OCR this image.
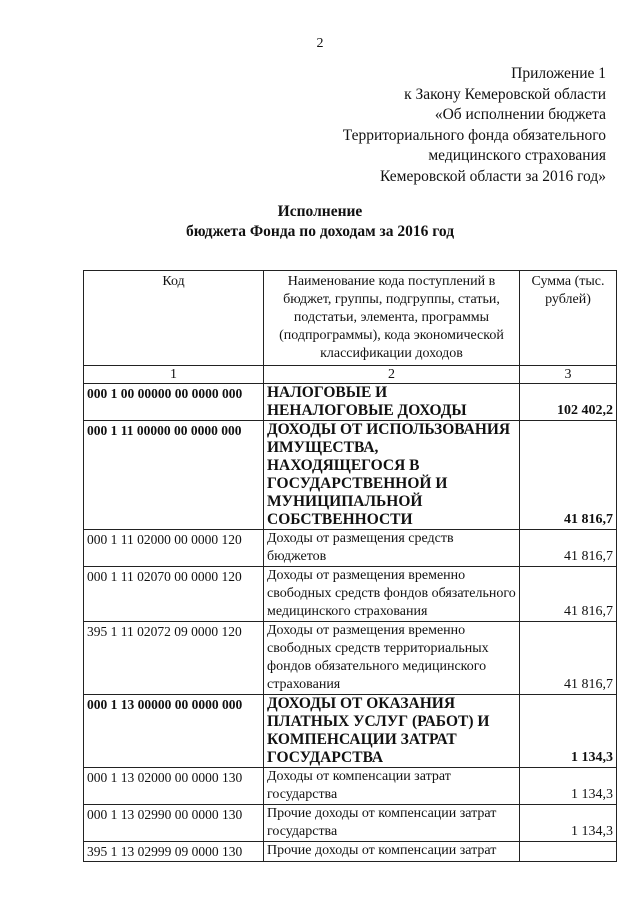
2
Приложение 1
к Закону Кемеровской области
«Об исполнении бюджета
Территориального фонда обязательного
медицинского страхования
Кемеровской области за 2016 год»
Исполнение
бюджета Фонда по доходам за 2016 год
Код	Наименование кода поступлений в бюджет, группы, подгруппы, статьи, подстатьи, элемента, программы (подпрограммы), кода экономической классификации доходов	Сумма (тыс. рублей)
1	2	3
000 1 00 00000 00 0000 000	НАЛОГОВЫЕ И НЕНАЛОГОВЫЕ ДОХОДЫ	102 402,2
000 1 11 00000 00 0000 000	ДОХОДЫ ОТ ИСПОЛЬЗОВАНИЯ ИМУЩЕСТВА, НАХОДЯЩЕГОСЯ В ГОСУДАРСТВЕННОЙ И МУНИЦИПАЛЬНОЙ СОБСТВЕННОСТИ	41 816,7
000 1 11 02000 00 0000 120	Доходы от размещения средств бюджетов	41 816,7
000 1 11 02070 00 0000 120	Доходы от размещения временно свободных средств фондов обязательного медицинского страхования	41 816,7
395 1 11 02072 09 0000 120	Доходы от размещения временно свободных средств территориальных фондов обязательного медицинского страхования	41 816,7
000 1 13 00000 00 0000 000	ДОХОДЫ ОТ ОКАЗАНИЯ ПЛАТНЫХ УСЛУГ (РАБОТ) И КОМПЕНСАЦИИ ЗАТРАТ ГОСУДАРСТВА	1 134,3
000 1 13 02000 00 0000 130	Доходы от компенсации затрат государства	1 134,3
000 1 13 02990 00 0000 130	Прочие доходы от компенсации затрат государства	1 134,3
395 1 13 02999 09 0000 130	Прочие доходы от компенсации затрат	
